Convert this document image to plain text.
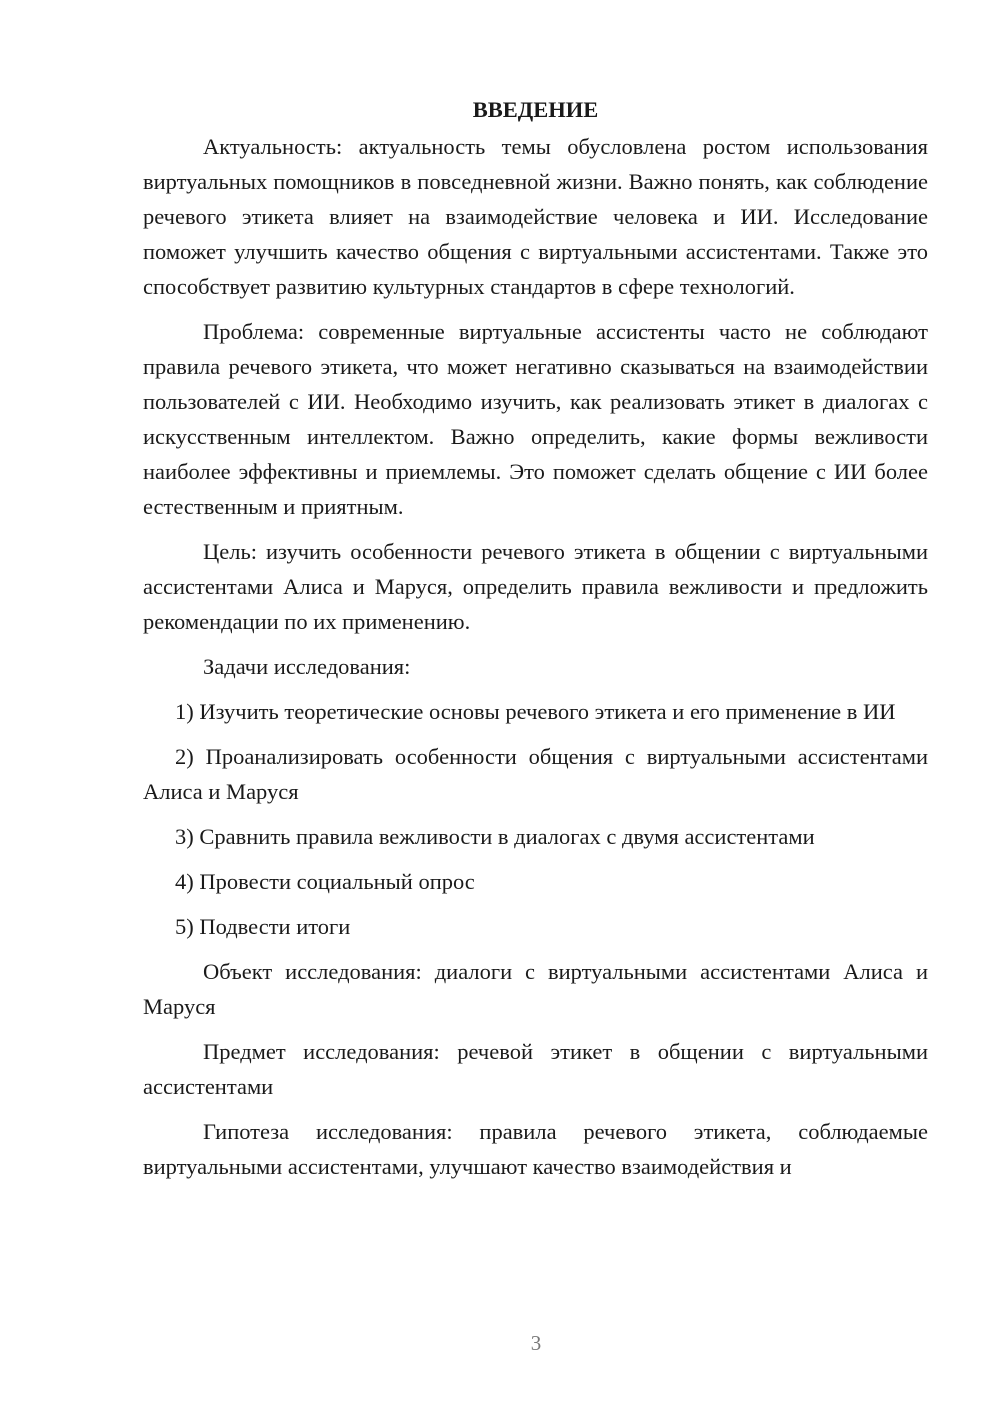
ВВЕДЕНИЕ

Актуальность: актуальность темы обусловлена ростом использования виртуальных помощников в повседневной жизни. Важно понять, как соблюдение речевого этикета влияет на взаимодействие человека и ИИ. Исследование поможет улучшить качество общения с виртуальными ассистентами. Также это способствует развитию культурных стандартов в сфере технологий.

Проблема: современные виртуальные ассистенты часто не соблюдают правила речевого этикета, что может негативно сказываться на взаимодействии пользователей с ИИ. Необходимо изучить, как реализовать этикет в диалогах с искусственным интеллектом. Важно определить, какие формы вежливости наиболее эффективны и приемлемы. Это поможет сделать общение с ИИ более естественным и приятным.

Цель: изучить особенности речевого этикета в общении с виртуальными ассистентами Алиса и Маруся, определить правила вежливости и предложить рекомендации по их применению.

Задачи исследования:

1) Изучить теоретические основы речевого этикета и его применение в ИИ

2) Проанализировать особенности общения с виртуальными ассистентами Алиса и Маруся

3) Сравнить правила вежливости в диалогах с двумя ассистентами

4) Провести социальный опрос

5) Подвести итоги

Объект исследования: диалоги с виртуальными ассистентами Алиса и Маруся

Предмет исследования: речевой этикет в общении с виртуальными ассистентами

Гипотеза исследования: правила речевого этикета, соблюдаемые виртуальными ассистентами, улучшают качество взаимодействия и

3
